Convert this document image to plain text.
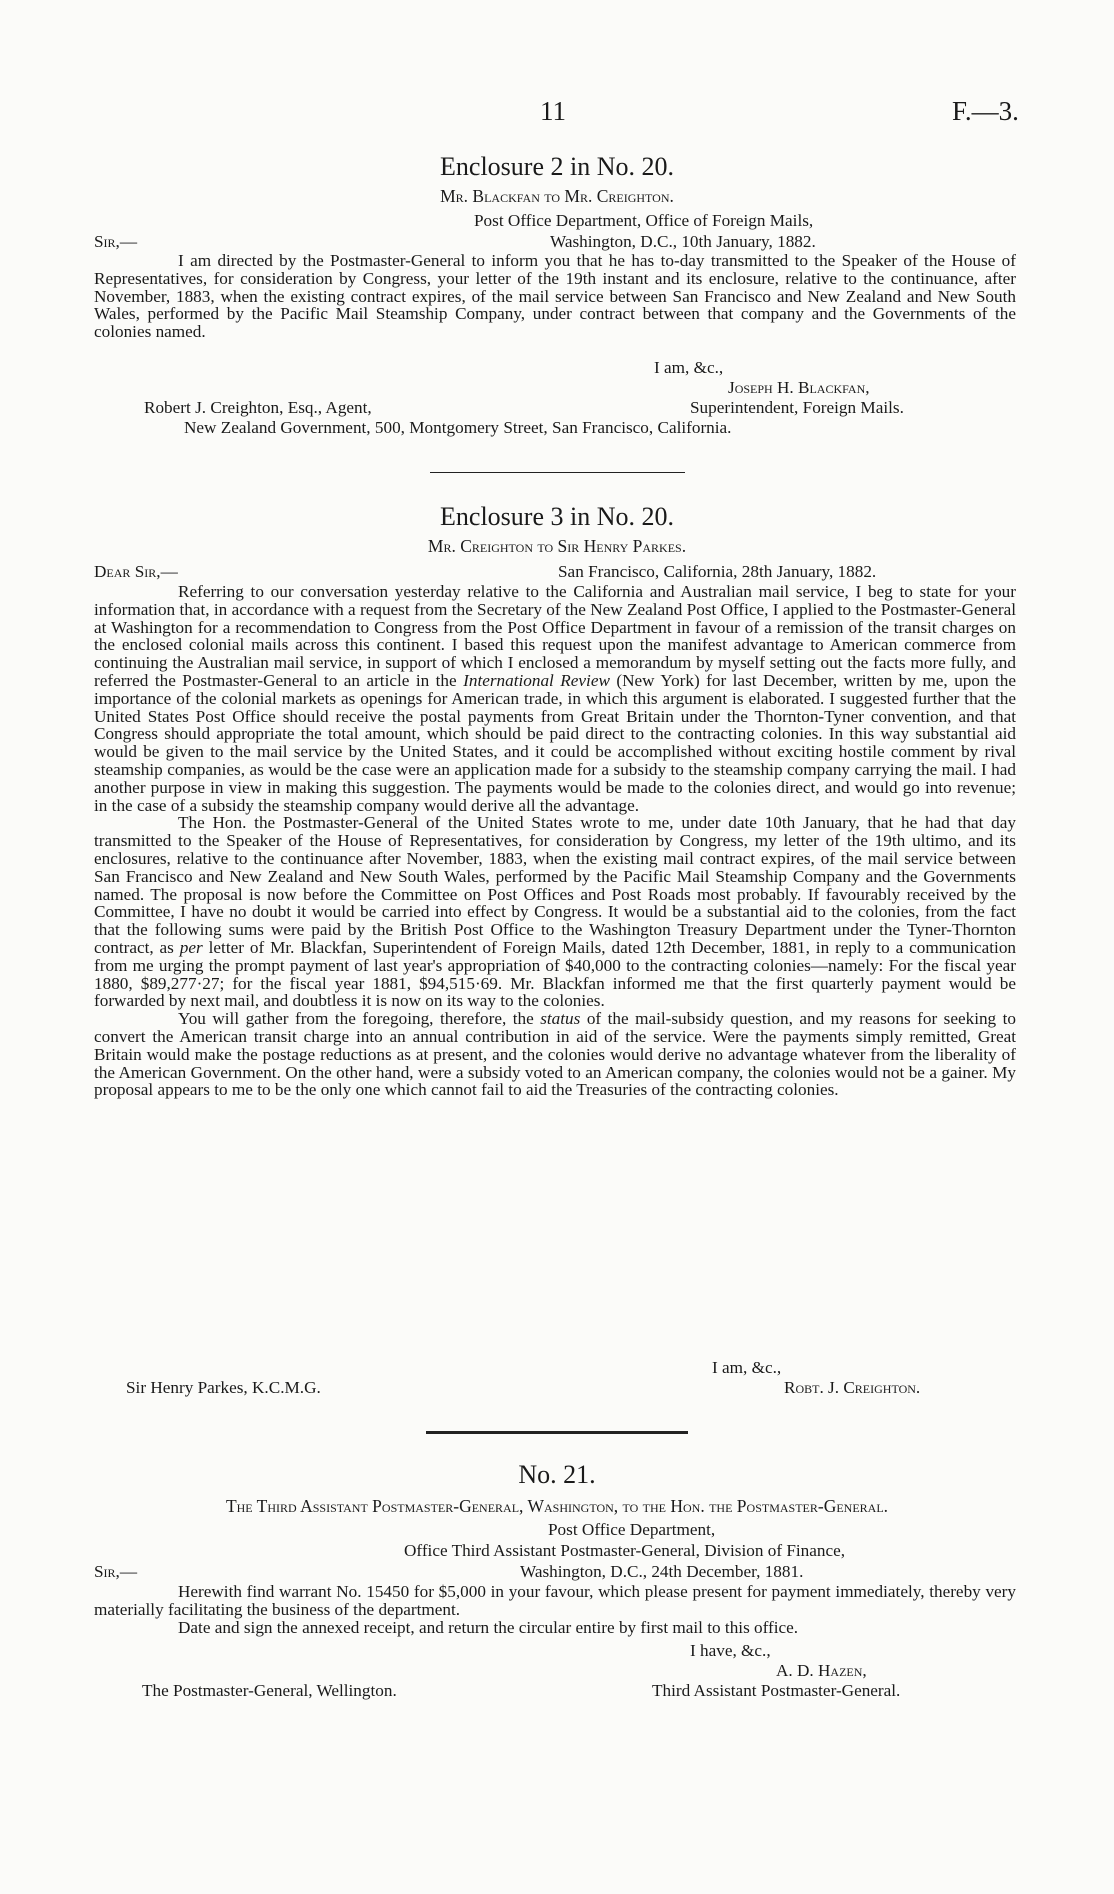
11	F.—3.
Enclosure 2 in No. 20.
Mr. Blackfan to Mr. Creighton.
Post Office Department, Office of Foreign Mails,
Sir,—	Washington, D.C., 10th January, 1882.

I am directed by the Postmaster-General to inform you that he has to-day transmitted to the Speaker of the House of Representatives, for consideration by Congress, your letter of the 19th instant and its enclosure, relative to the continuance, after November, 1883, when the existing contract expires, of the mail service between San Francisco and New Zealand and New South Wales, performed by the Pacific Mail Steamship Company, under contract between that company and the Governments of the colonies named.

I am, &c.,
Joseph H. Blackfan,
Robert J. Creighton, Esq., Agent,	Superintendent, Foreign Mails.
New Zealand Government, 500, Montgomery Street, San Francisco, California.
Enclosure 3 in No. 20.
Mr. Creighton to Sir Henry Parkes.
Dear Sir,—	San Francisco, California, 28th January, 1882.

Referring to our conversation yesterday relative to the California and Australian mail service, I beg to state for your information that, in accordance with a request from the Secretary of the New Zealand Post Office, I applied to the Postmaster-General at Washington for a recommendation to Congress from the Post Office Department in favour of a remission of the transit charges on the enclosed colonial mails across this continent. I based this request upon the manifest advantage to American commerce from continuing the Australian mail service, in support of which I enclosed a memorandum by myself setting out the facts more fully, and referred the Postmaster-General to an article in the International Review (New York) for last December, written by me, upon the importance of the colonial markets as openings for American trade, in which this argument is elaborated. I suggested further that the United States Post Office should receive the postal payments from Great Britain under the Thornton-Tyner convention, and that Congress should appropriate the total amount, which should be paid direct to the contracting colonies. In this way substantial aid would be given to the mail service by the United States, and it could be accomplished without exciting hostile comment by rival steamship companies, as would be the case were an application made for a subsidy to the steamship company carrying the mail. I had another purpose in view in making this suggestion. The payments would be made to the colonies direct, and would go into revenue; in the case of a subsidy the steamship company would derive all the advantage.

The Hon. the Postmaster-General of the United States wrote to me, under date 10th January, that he had that day transmitted to the Speaker of the House of Representatives, for consideration by Congress, my letter of the 19th ultimo, and its enclosures, relative to the continuance after November, 1883, when the existing mail contract expires, of the mail service between San Francisco and New Zealand and New South Wales, performed by the Pacific Mail Steamship Company and the Governments named. The proposal is now before the Committee on Post Offices and Post Roads most probably. If favourably received by the Committee, I have no doubt it would be carried into effect by Congress. It would be a substantial aid to the colonies, from the fact that the following sums were paid by the British Post Office to the Washington Treasury Department under the Tyner-Thornton contract, as per letter of Mr. Blackfan, Superintendent of Foreign Mails, dated 12th December, 1881, in reply to a communication from me urging the prompt payment of last year's appropriation of $40,000 to the contracting colonies—namely: For the fiscal year 1880, $89,277·27; for the fiscal year 1881, $94,515·69. Mr. Blackfan informed me that the first quarterly payment would be forwarded by next mail, and doubtless it is now on its way to the colonies.

You will gather from the foregoing, therefore, the status of the mail-subsidy question, and my reasons for seeking to convert the American transit charge into an annual contribution in aid of the service. Were the payments simply remitted, Great Britain would make the postage reductions as at present, and the colonies would derive no advantage whatever from the liberality of the American Government. On the other hand, were a subsidy voted to an American company, the colonies would not be a gainer. My proposal appears to me to be the only one which cannot fail to aid the Treasuries of the contracting colonies.

I am, &c.,
Sir Henry Parkes, K.C.M.G.	Robt. J. Creighton.
No. 21.
The Third Assistant Postmaster-General, Washington, to the Hon. the Postmaster-General.
Post Office Department,
Office Third Assistant Postmaster-General, Division of Finance,
Sir,—	Washington, D.C., 24th December, 1881.

Herewith find warrant No. 15450 for $5,000 in your favour, which please present for payment immediately, thereby very materially facilitating the business of the department.

Date and sign the annexed receipt, and return the circular entire by first mail to this office.

I have, &c.,
A. D. Hazen,
The Postmaster-General, Wellington.	Third Assistant Postmaster-General.
